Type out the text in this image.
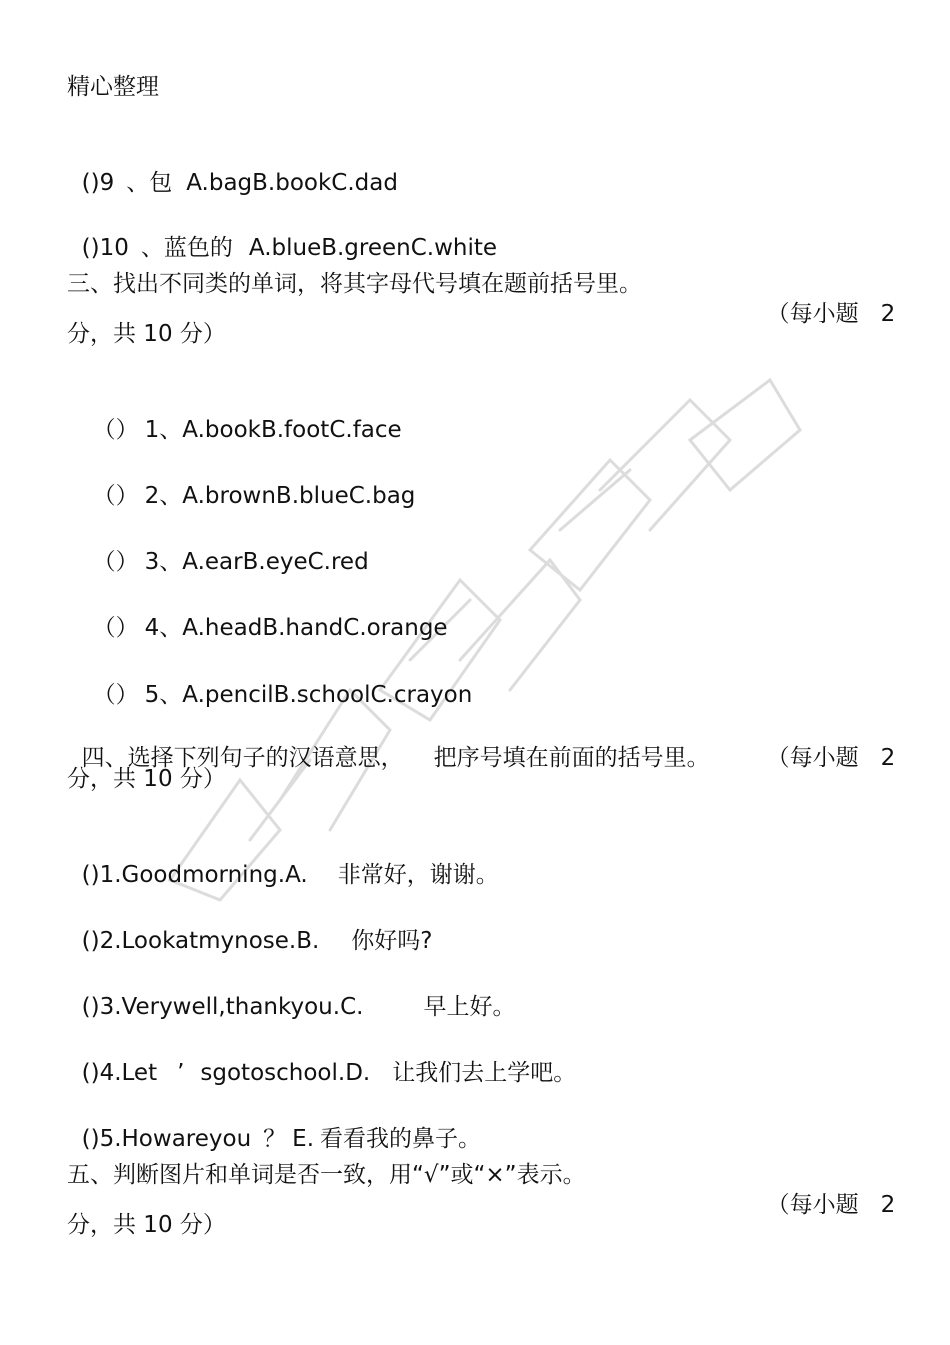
精心整理

()9 、包 A.bagB.bookC.dad

()10 、蓝色的 A.blueB.greenC.white

三、找出不同类的单词，将其字母代号填在题前括号里。

（每小题 2

分，共 10 分）

（） 1、A.bookB.footC.face

（） 2、A.brownB.blueC.bag

（） 3、A.earB.eyeC.red

（） 4、A.headB.handC.orange

（） 5、A.pencilB.schoolC.crayon

四、选择下列句子的汉语意思， 把序号填在前面的括号里。	（每小题 2

分，共 10 分）

()1.Goodmorning.A. 非常好，谢谢。

()2.Lookatmynose.B. 你好吗?

()3.Verywell,thankyou.C.	早上好。

()4.Let ’ sgotoschool.D. 让我们去上学吧。

()5.Howareyou ？ E. 看看我的鼻子。

五、判断图片和单词是否一致，用“√”或“×”表示。

（每小题 2

分，共 10 分）
